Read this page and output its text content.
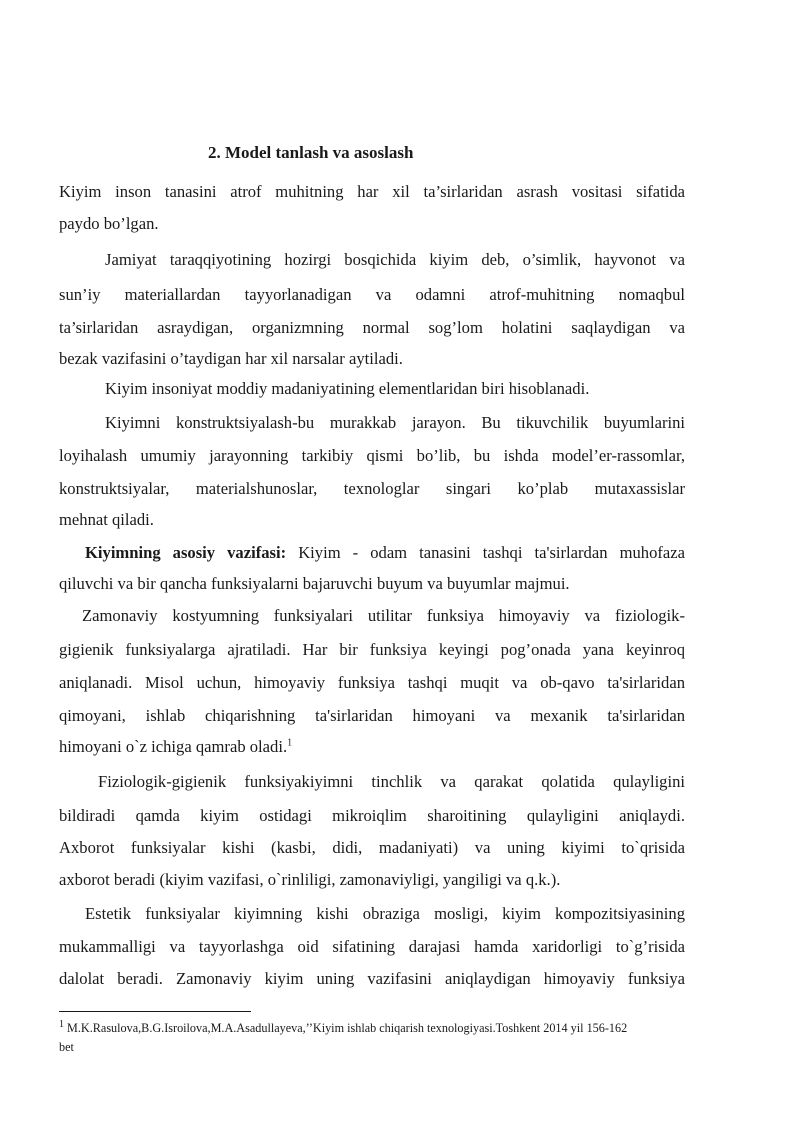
2. Model tanlash va asoslash
Kiyim inson tanasini atrof muhitning har xil ta’sirlaridan asrash vositasi sifatida
paydo bo’lgan.
Jamiyat taraqqiyotining hozirgi bosqichida kiyim deb, o’simlik, hayvonot va
sun’iy materiallardan tayyorlanadigan va odamni atrof-muhitning nomaqbul
ta’sirlaridan asraydigan, organizmning normal sog’lom holatini saqlaydigan va
bezak vazifasini o’taydigan har xil narsalar aytiladi.
Kiyim insoniyat moddiy madaniyatining elementlaridan biri hisoblanadi.
Kiyimni konstruktsiyalash-bu murakkab jarayon. Bu tikuvchilik buyumlarini
loyihalash umumiy jarayonning tarkibiy qismi bo’lib, bu ishda model’er-rassomlar,
konstruktsiyalar, materialshunoslar, texnologlar singari ko’plab mutaxassislar
mehnat qiladi.
Kiyimning asosiy vazifasi: Kiyim - odam tanasini tashqi ta'sirlardan muhofaza
qiluvchi va bir qancha funksiyalarni bajaruvchi buyum va buyumlar majmui.
Zamonaviy kostyumning funksiyalari utilitar funksiya himoyaviy va fiziologik-
gigienik funksiyalarga ajratiladi. Har bir funksiya keyingi pog’onada yana keyinroq
aniqlanadi. Misol uchun, himoyaviy funksiya tashqi muqit va ob-qavo ta'sirlaridan
qimoyani, ishlab chiqarishning ta'sirlaridan himoyani va mexanik ta'sirlaridan
himoyani o`z ichiga qamrab oladi.$^1$
Fiziologik-gigienik funksiyakiyimni tinchlik va qarakat qolatida qulayligini
bildiradi qamda kiyim ostidagi mikroiqlim sharoitining qulayligini aniqlaydi.
Axborot funksiyalar kishi (kasbi, didi, madaniyati) va uning kiyimi to`qrisida
axborot beradi (kiyim vazifasi, o`rinliligi, zamonaviyligi, yangiligi va q.k.).
Estetik funksiyalar kiyimning kishi obraziga mosligi, kiyim kompozitsiyasining
mukammalligi va tayyorlashga oid sifatining darajasi hamda xaridorligi to`g’risida
dalolat beradi. Zamonaviy kiyim uning vazifasini aniqlaydigan himoyaviy funksiya
$^1$ M.K.Rasulova,B.G.Isroilova,M.A.Asadullayeva,’’Kiyim ishlab chiqarish texnologiyasi.Toshkent 2014 yil 156-162
bet
